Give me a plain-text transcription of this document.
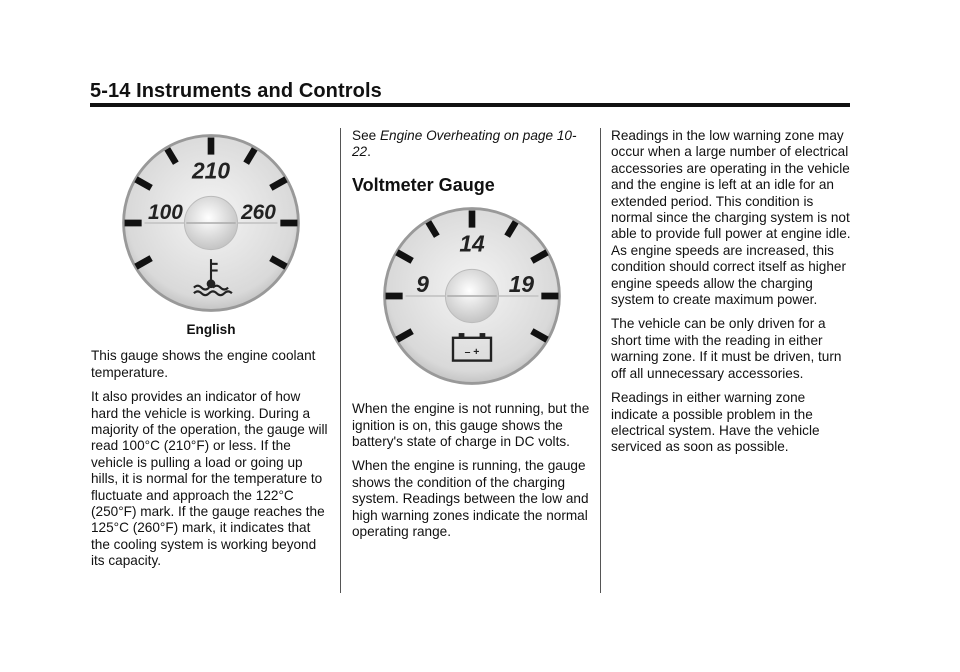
5-14 Instruments and Controls
210
100	260
English

This gauge shows the engine coolant temperature.

It also provides an indicator of how hard the vehicle is working. During a majority of the operation, the gauge will read 100°C (210°F) or less. If the vehicle is pulling a load or going up hills, it is normal for the temperature to fluctuate and approach the 122°C (250°F) mark. If the gauge reaches the 125°C (260°F) mark, it indicates that the cooling system is working beyond its capacity.

See Engine Overheating on page 10-22.

Voltmeter Gauge
14
9	19
– +

When the engine is not running, but the ignition is on, this gauge shows the battery's state of charge in DC volts.

When the engine is running, the gauge shows the condition of the charging system. Readings between the low and high warning zones indicate the normal operating range.

Readings in the low warning zone may occur when a large number of electrical accessories are operating in the vehicle and the engine is left at an idle for an extended period. This condition is normal since the charging system is not able to provide full power at engine idle. As engine speeds are increased, this condition should correct itself as higher engine speeds allow the charging system to create maximum power.

The vehicle can be only driven for a short time with the reading in either warning zone. If it must be driven, turn off all unnecessary accessories.

Readings in either warning zone indicate a possible problem in the electrical system. Have the vehicle serviced as soon as possible.
